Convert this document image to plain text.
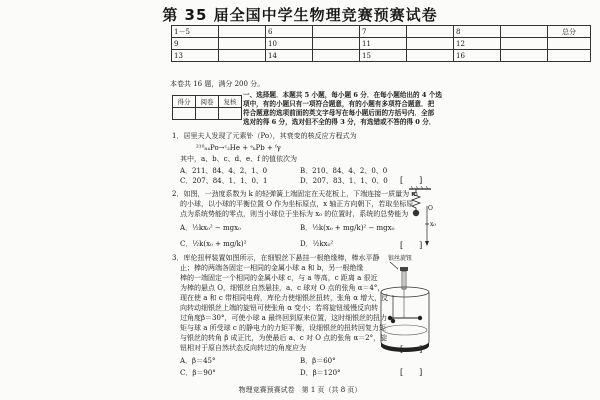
第 35 届全国中学生物理竞赛预赛试卷
1－5		6		7		8		总分
9		10		11		12		
13		14		15		16		
本卷共 16 题，满分 200 分。
得分	阅卷	复核

一、选择题．本题共 5 小题，每小题 6 分．在每小题给出的 4 个选
项中，有的小题只有一项符合题意，有的小题有多项符合题意．把
符合题意的选项前面的英文字母写在每小题后面的方括号内．全部
选对的得 6 分，选对但不全的得 3 分，有选错或不答的得 0 分．
1．居里夫人发现了元素钋（Po），其衰变的核反应方程式为
²¹⁰₈₄Po→ᶜ₂He + ᵉₖPb + ᶠγ
其中，a、b、c、d、e、f 的值依次为
A．211、84、4、2、1、0	B．210、84、4、2、0、0
C．207、84、1、1、0、1	D．207、83、1、1、0、0 [　　]
2．如图，一劲度系数为 k 的轻弹簧上端固定在天花板上，下端连接一质量为 m
的小球，以小球的平衡位置 O 作为坐标原点，x 轴正方向朝下，若取坐标原
点为系统势能的零点，则当小球位于坐标为 x₀ 的位置时，系统的总势能为
A．½kx₀² − mgx₀	B．½k(x₀ + mg/k)² − mgx₀
C．½k(x₀ + mg/k)²	D．½kx₀²	[　　]
O
x₀
3．库伦扭秤装置如图所示，在细银丝下悬挂一根绝缘棒，棒水平静
止；棒的两端各固定一相同的金属小球 a 和 b，另一根绝缘
棒的一端固定一个相同的金属小球 c，与 a 等高，c 距离 a 很近
为棒的悬点 O，细银丝自然悬挂，a、c 球对 O 点的张角 α＝4°，
现在使 a 和 c 带相同电荷，库伦力使细银丝扭转，张角 α 增大，反
向转动细银丝上端的旋钮可使张角 α 变小；若将旋钮缓慢反向转
过角度β＝30°，可使小球 a 最终回到原来位置，这时细银丝的扭力
矩与球 a 所受球 c 的静电力的力矩平衡，设细银丝的扭转回复力矩
与银丝的转角 β 成正比，为使最后 a、c 对 O 点的张角 α＝2°，旋
钮相对于原自然状态反向转过的角度应为
A．β＝45°	B．β＝60°
C．β＝90°	D．β＝120°	[　　]
银丝旋钮
物理竞赛预赛试卷　第 1 页（共 8 页）
